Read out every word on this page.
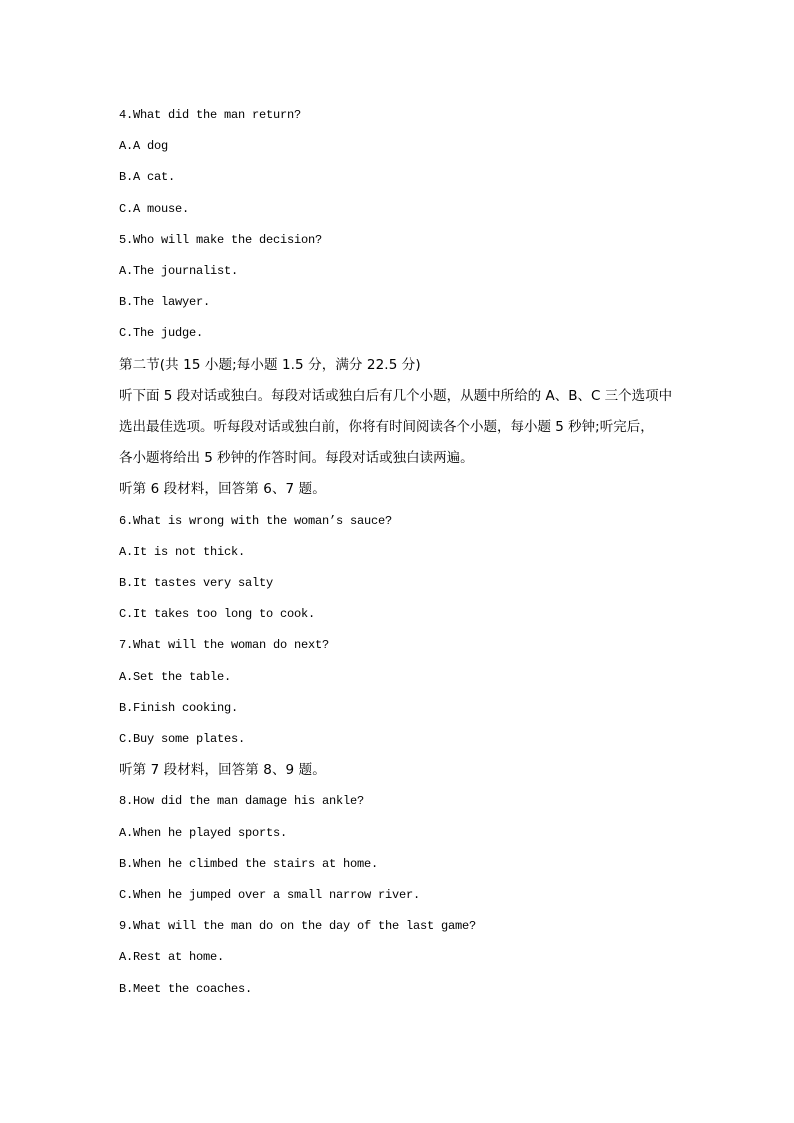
4.What did the man return?
A.A dog
B.A cat.
C.A mouse.
5.Who will make the decision?
A.The journalist.
B.The lawyer.
C.The judge.
第二节(共 15 小题;每小题 1.5 分，满分 22.5 分)
听下面 5 段对话或独白。每段对话或独白后有几个小题，从题中所给的 A、B、C 三个选项中
选出最佳选项。听每段对话或独白前，你将有时间阅读各个小题，每小题 5 秒钟;听完后，
各小题将给出 5 秒钟的作答时间。每段对话或独白读两遍。
听第 6 段材料，回答第 6、7 题。
6.What is wrong with the woman’s sauce?
A.It is not thick.
B.It tastes very salty
C.It takes too long to cook.
7.What will the woman do next?
A.Set the table.
B.Finish cooking.
C.Buy some plates.
听第 7 段材料，回答第 8、9 题。
8.How did the man damage his ankle?
A.When he played sports.
B.When he climbed the stairs at home.
C.When he jumped over a small narrow river.
9.What will the man do on the day of the last game?
A.Rest at home.
B.Meet the coaches.
